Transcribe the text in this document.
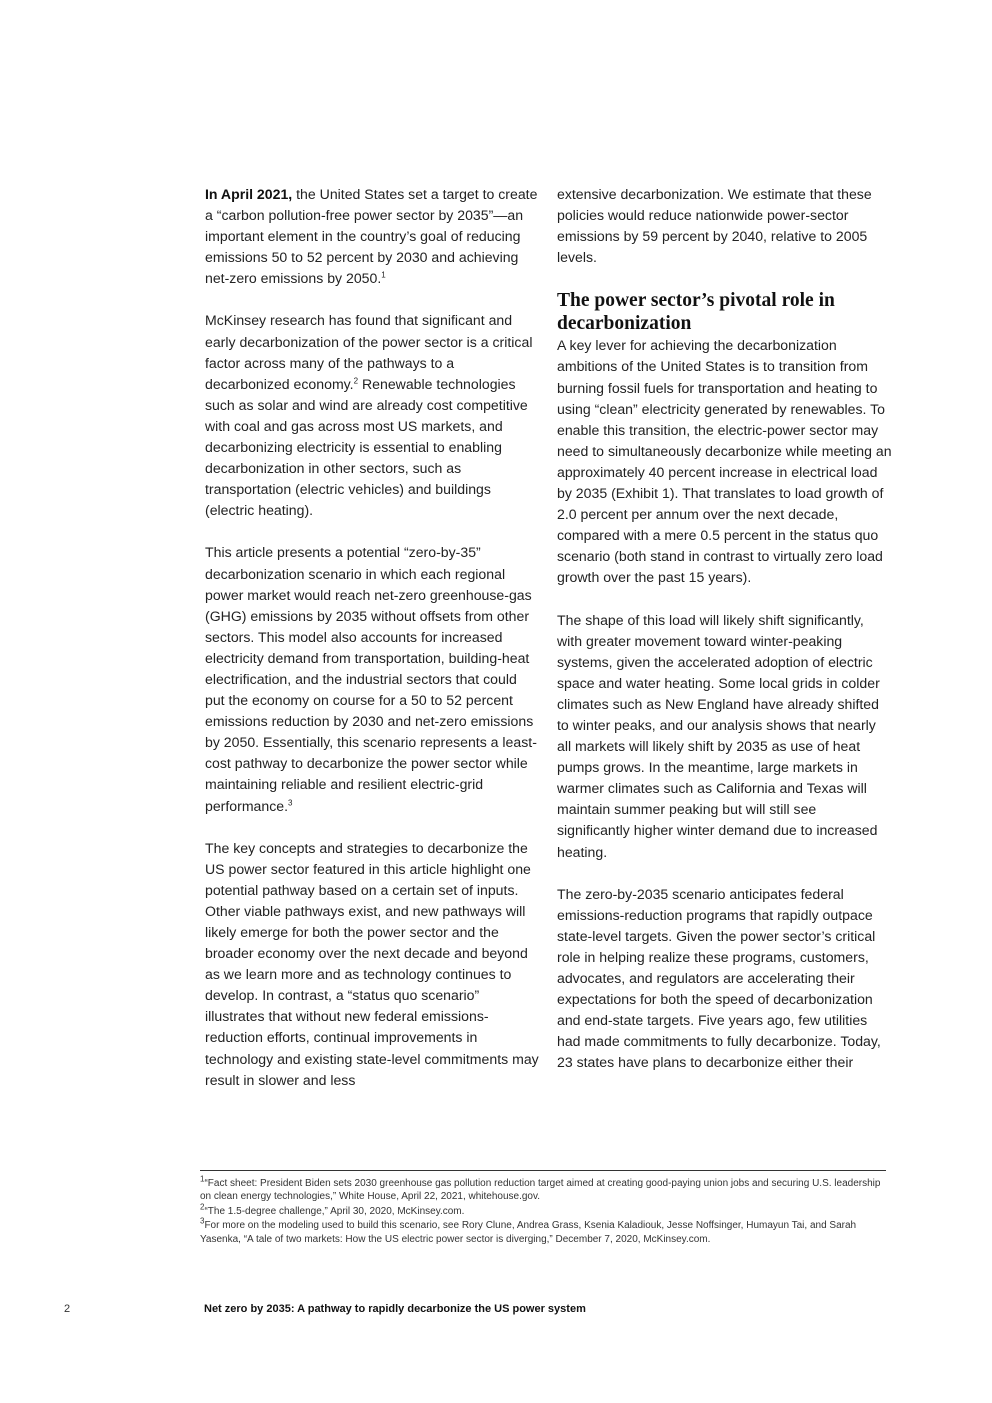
In April 2021, the United States set a target to create a “carbon pollution-free power sector by 2035”—an important element in the country’s goal of reducing emissions 50 to 52 percent by 2030 and achieving net-zero emissions by 2050.$^1$

McKinsey research has found that significant and early decarbonization of the power sector is a critical factor across many of the pathways to a decarbonized economy.$^2$ Renewable technologies such as solar and wind are already cost competitive with coal and gas across most US markets, and decarbonizing electricity is essential to enabling decarbonization in other sectors, such as transportation (electric vehicles) and buildings (electric heating).

This article presents a potential “zero-by-35” decarbonization scenario in which each regional power market would reach net-zero greenhouse-gas (GHG) emissions by 2035 without offsets from other sectors. This model also accounts for increased electricity demand from transportation, building-heat electrification, and the industrial sectors that could put the economy on course for a 50 to 52 percent emissions reduction by 2030 and net-zero emissions by 2050. Essentially, this scenario represents a least-cost pathway to decarbonize the power sector while maintaining reliable and resilient electric-grid performance.$^3$

The key concepts and strategies to decarbonize the US power sector featured in this article highlight one potential pathway based on a certain set of inputs. Other viable pathways exist, and new pathways will likely emerge for both the power sector and the broader economy over the next decade and beyond as we learn more and as technology continues to develop. In contrast, a “status quo scenario” illustrates that without new federal emissions-reduction efforts, continual improvements in technology and existing state-level commitments may result in slower and less

extensive decarbonization. We estimate that these policies would reduce nationwide power-sector emissions by 59 percent by 2040, relative to 2005 levels.

The power sector’s pivotal role in decarbonization

A key lever for achieving the decarbonization ambitions of the United States is to transition from burning fossil fuels for transportation and heating to using “clean” electricity generated by renewables. To enable this transition, the electric-power sector may need to simultaneously decarbonize while meeting an approximately 40 percent increase in electrical load by 2035 (Exhibit 1). That translates to load growth of 2.0 percent per annum over the next decade, compared with a mere 0.5 percent in the status quo scenario (both stand in contrast to virtually zero load growth over the past 15 years).

The shape of this load will likely shift significantly, with greater movement toward winter-peaking systems, given the accelerated adoption of electric space and water heating. Some local grids in colder climates such as New England have already shifted to winter peaks, and our analysis shows that nearly all markets will likely shift by 2035 as use of heat pumps grows. In the meantime, large markets in warmer climates such as California and Texas will maintain summer peaking but will still see significantly higher winter demand due to increased heating.

The zero-by-2035 scenario anticipates federal emissions-reduction programs that rapidly outpace state-level targets. Given the power sector’s critical role in helping realize these programs, customers, advocates, and regulators are accelerating their expectations for both the speed of decarbonization and end-state targets. Five years ago, few utilities had made commitments to fully decarbonize. Today, 23 states have plans to decarbonize either their

$^1$“Fact sheet: President Biden sets 2030 greenhouse gas pollution reduction target aimed at creating good-paying union jobs and securing U.S. leadership on clean energy technologies,” White House, April 22, 2021, whitehouse.gov.

$^2$“The 1.5-degree challenge,” April 30, 2020, McKinsey.com.

$^3$For more on the modeling used to build this scenario, see Rory Clune, Andrea Grass, Ksenia Kaladiouk, Jesse Noffsinger, Humayun Tai, and Sarah Yasenka, “A tale of two markets: How the US electric power sector is diverging,” December 7, 2020, McKinsey.com.

2	Net zero by 2035: A pathway to rapidly decarbonize the US power system
